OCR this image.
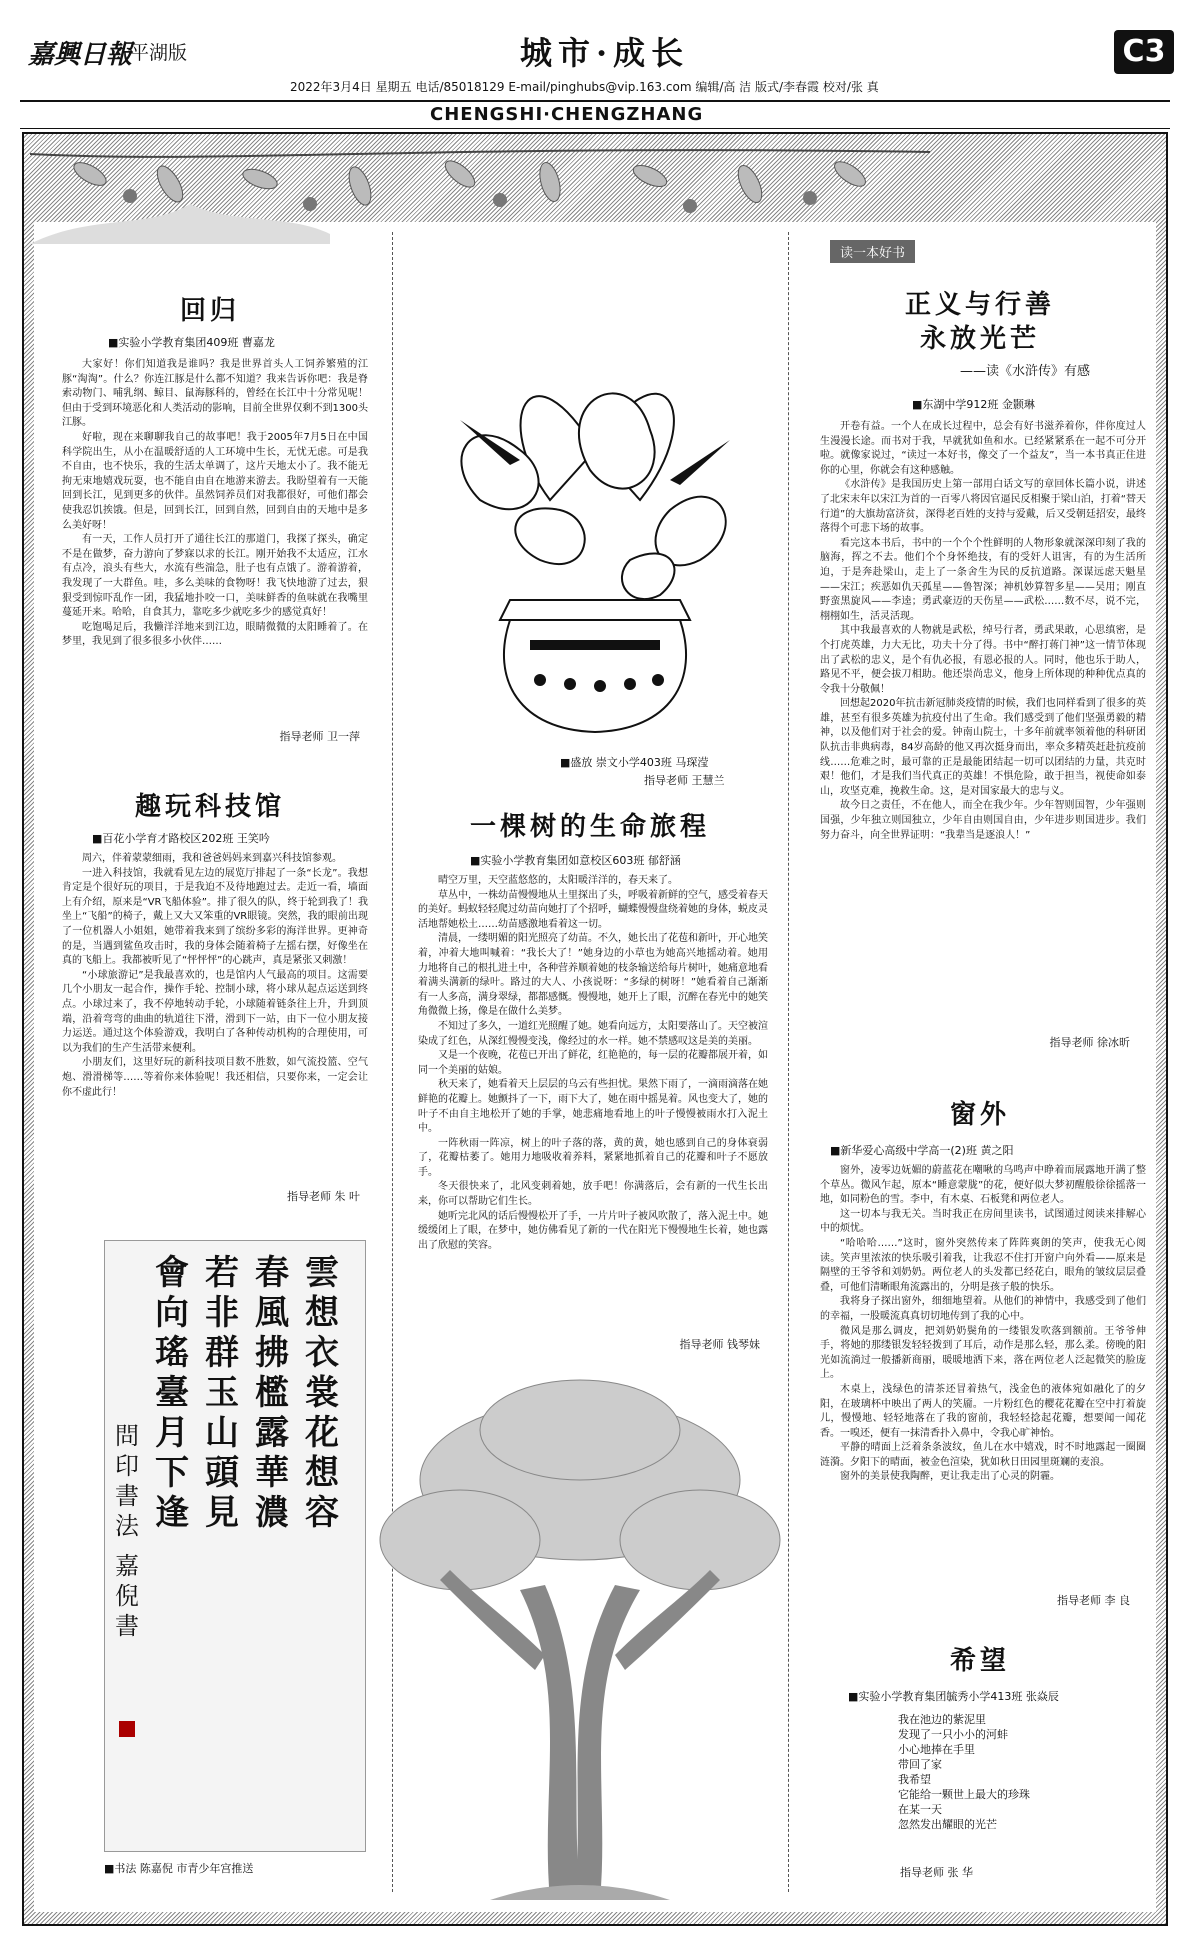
嘉興日報
平湖版	城市·成长	C3
2022年3月4日 星期五 电话/85018129 E-mail/pinghubs@vip.163.com 编辑/高 洁 版式/李春霞 校对/张 真
CHENGSHI·CHENGZHANG
回归
■实验小学教育集团409班 曹嘉龙

大家好！你们知道我是谁吗？我是世界首头人工饲养繁殖的江豚“淘淘”。什么？你连江豚是什么都不知道？我来告诉你吧：我是脊索动物门、哺乳纲、鲸目、鼠海豚科的，曾经在长江中十分常见呢！但由于受到环境恶化和人类活动的影响，目前全世界仅剩不到1300头江豚。

好啦，现在来聊聊我自己的故事吧！我于2005年7月5日在中国科学院出生，从小在温暖舒适的人工环境中生长，无忧无虑。可是我不自由，也不快乐，我的生活太单调了，这片天地太小了。我不能无拘无束地嬉戏玩耍，也不能自由自在地游来游去。我盼望着有一天能回到长江，见到更多的伙伴。虽然饲养员们对我都很好，可他们都会使我忍饥挨饿。但是，回到长江，回到自然，回到自由的天地中是多么美好呀！

有一天，工作人员打开了通往长江的那道门，我探了探头，确定不是在做梦，奋力游向了梦寐以求的长江。刚开始我不太适应，江水有点冷，浪头有些大，水流有些湍急，肚子也有点饿了。游着游着，我发现了一大群鱼。哇，多么美味的食物呀！我飞快地游了过去，狠狠受到惊吓乱作一团，我猛地扑咬一口，美味鲜香的鱼味就在我嘴里蔓延开来。哈哈，自食其力，靠吃多少就吃多少的感觉真好！

吃饱喝足后，我懒洋洋地来到江边，眼睛微微的太阳睡着了。在梦里，我见到了很多很多小伙伴……

指导老师 卫一萍
趣玩科技馆
■百花小学育才路校区202班 王笑吟

周六，伴着蒙蒙细雨，我和爸爸妈妈来到嘉兴科技馆参观。

一进入科技馆，我就看见左边的展览厅排起了一条“长龙”。我想肯定是个很好玩的项目，于是我迫不及待地跑过去。走近一看，墙面上有介绍，原来是“VR飞船体验”。排了很久的队，终于轮到我了！我坐上“飞船”的椅子，戴上又大又笨重的VR眼镜。突然，我的眼前出现了一位机器人小姐姐，她带着我来到了缤纷多彩的海洋世界。更神奇的是，当遇到鲨鱼攻击时，我的身体会随着椅子左摇右摆，好像坐在真的飞船上。我都被听见了“怦怦怦”的心跳声，真是紧张又刺激！

“小球旅游记”是我最喜欢的，也是馆内人气最高的项目。这需要几个小朋友一起合作，操作手轮、控制小球，将小球从起点运送到终点。小球过来了，我不停地转动手轮，小球随着链条往上升，升到顶端，沿着弯弯的曲曲的轨道往下滑，滑到下一站，由下一位小朋友接力运送。通过这个体验游戏，我明白了各种传动机构的合理使用，可以为我们的生产生活带来便利。

小朋友们，这里好玩的新科技项目数不胜数，如气流投篮、空气炮、滑滑梯等……等着你来体验呢！我还相信，只要你来，一定会让你不虚此行！

指导老师 朱 叶
雲想衣裳花想容
春風拂檻露華濃
若非群玉山頭見
會向瑤臺月下逢
問印書法
嘉倪書
■书法 陈嘉倪 市青少年宫推送
■盛放 崇文小学403班 马琛滢
指导老师 王慧兰
一棵树的生命旅程
■实验小学教育集团如意校区603班 郁舒涵

晴空万里，天空蓝悠悠的，太阳暖洋洋的，春天来了。

草丛中，一株幼苗慢慢地从土里探出了头，呼吸着新鲜的空气，感受着春天的美好。蚂蚁轻轻爬过幼苗向她打了个招呼，蝴蝶慢慢盘绕着她的身体，蜕皮灵活地帮她松土……幼苗感激地看着这一切。

清晨，一缕明媚的阳光照亮了幼苗。不久，她长出了花苞和新叶，开心地笑着，冲着大地叫喊着：“我长大了！”她身边的小草也为她高兴地摇动着。她用力地将自己的根扎进土中，各种营养顺着她的枝条输送给每片树叶，她痛意地看着满头满新的绿叶。路过的大人、小孩说呀：“多绿的树呀！”她看着自己渐渐有一人多高，满身翠绿，都都感慨。慢慢地，她开上了眼，沉醉在春光中的她笑角微微上扬，像是在做什么美梦。

不知过了多久，一道红光照醒了她。她看向远方，太阳要落山了。天空被渲染成了红色，从深红慢慢变浅，像经过的水一样。她不禁感叹这是美的美丽。

又是一个夜晚，花苞已开出了鲜花，红艳艳的，每一层的花瓣都展开着，如同一个美丽的姑娘。

秋天来了，她看着天上层层的乌云有些担忧。果然下雨了，一滴雨滴落在她鲜艳的花瓣上。她颤抖了一下，雨下大了，她在雨中摇晃着。风也变大了，她的叶子不由自主地松开了她的手掌，她悲痛地看地上的叶子慢慢被雨水打入泥土中。

一阵秋雨一阵凉，树上的叶子落的落，黄的黄，她也感到自己的身体衰弱了，花瓣枯萎了。她用力地吸收着养料，紧紧地抓着自己的花瓣和叶子不愿放手。

冬天很快来了，北风变刺着她，放手吧！你满落后，会有新的一代生长出来，你可以帮助它们生长。

她听完北风的话后慢慢松开了手，一片片叶子被风吹散了，落入泥土中。她缓缓闭上了眼，在梦中，她仿佛看见了新的一代在阳光下慢慢地生长着，她也露出了欣慰的笑容。

指导老师 钱琴妹
读一本好书
正义与行善
永放光芒
——读《水浒传》有感
■东湖中学912班 金颢琳

开卷有益。一个人在成长过程中，总会有好书滋养着你，伴你度过人生漫漫长途。而书对于我，早就犹如鱼和水。已经紧紧系在一起不可分开啦。就像家说过，“读过一本好书，像交了一个益友”，当一本书真正住进你的心里，你就会有这种感触。

《水浒传》是我国历史上第一部用白话文写的章回体长篇小说，讲述了北宋末年以宋江为首的一百零八将因官逼民反相聚于梁山泊，打着“替天行道”的大旗劫富济贫，深得老百姓的支持与爱戴，后又受朝廷招安，最终落得个可悲下场的故事。

看完这本书后，书中的一个个个性鲜明的人物形象就深深印刻了我的脑海，挥之不去。他们个个身怀绝技，有的受奸人诅害，有的为生活所迫，于是奔赴梁山，走上了一条舍生为民的反抗道路。深谋远虑天魁星——宋江；疾恶如仇天孤星——鲁智深；神机妙算智多星——吴用；刚直野蛮黑旋风——李逵；勇武豪迈的天伤星——武松……数不尽，说不完，栩栩如生，活灵活现。

其中我最喜欢的人物就是武松，绰号行者，勇武果敢，心思缜密，是个打虎英雄，力大无比，功夫十分了得。书中“醉打蒋门神”这一情节体现出了武松的忠义，是个有仇必报，有恩必报的人。同时，他也乐于助人，路见不平，便会拔刀相助。他还崇尚忠义，他身上所体现的种种优点真的令我十分敬佩！

回想起2020年抗击新冠肺炎疫情的时候，我们也同样看到了很多的英雄，甚至有很多英雄为抗疫付出了生命。我们感受到了他们坚强勇毅的精神，以及他们对于社会的爱。钟南山院士，十多年前就率领着他的科研团队抗击非典病毒，84岁高龄的他又再次挺身而出，率众多精英赶赴抗疫前线……危难之时，最可靠的正是最能团结起一切可以团结的力量，共克时艰！他们，才是我们当代真正的英雄！不惧危险，敢于担当，视使命如泰山，攻坚克难，挽救生命。这，是对国家最大的忠与义。

故今日之责任，不在他人，而全在我少年。少年智则国智，少年强则国强，少年独立则国独立，少年自由则国自由，少年进步则国进步。我们努力奋斗，向全世界证明：“我辈当是逐浪人！”

指导老师 徐冰昕
窗外
■新华爱心高级中学高一(2)班 黄之阳

窗外，凌零边妩媚的蔚蓝花在嘲啾的乌鸣声中睁着而展露地开满了整个草丛。微风乍起，原本“睡意蒙胧”的花，便好似大梦初醒般徐徐摇落一地，如同粉色的雪。李中，有木桌、石板凳和两位老人。

这一切本与我无关。当时我正在房间里读书，试图通过阅读来排解心中的烦忧。

“哈哈哈……”这时，窗外突然传来了阵阵爽朗的笑声，使我无心阅读。笑声里浓浓的快乐吸引着我，让我忍不住打开窗户向外看——原来是隔壁的王爷爷和刘奶奶。两位老人的头发都已经花白，眼角的皱纹层层叠叠，可他们清晰眼角流露出的，分明是孩子般的快乐。

我将身子探出窗外，细细地望着。从他们的神情中，我感受到了他们的幸福，一股暖流真真切切地传到了我的心中。

微风是那么调皮，把刘奶奶鬓角的一缕银发吹落到额前。王爷爷伸手，将她的那缕银发轻轻拨到了耳后，动作是那么轻，那么柔。傍晚的阳光如流淌过一般播新商丽，暖暖地洒下来，落在两位老人泛起微笑的脸庞上。

木桌上，浅绿色的清茶还冒着热气，浅金色的液体宛如融化了的夕阳，在玻璃杯中映出了两人的笑靥。一片粉红色的樱花花瓣在空中打着旋儿，慢慢地、轻轻地落在了我的窗前，我轻轻捻起花瓣，想要闻一闻花香。一嗅还，便有一抹清香扑入鼻中，令我心旷神怡。

平静的晴面上泛着条条波纹，鱼儿在水中嬉戏，时不时地露起一圈圈涟漪。夕阳下的晴面，被金色渲染，犹如秋日田园里斑斓的麦浪。

窗外的美景使我陶醉，更让我走出了心灵的阴霾。

指导老师 李 良
希望
■实验小学教育集团毓秀小学413班 张焱辰
我在池边的紫泥里
发现了一只小小的河蚌
小心地捧在手里
带回了家
我希望
它能给一颗世上最大的珍珠
在某一天
忽然发出耀眼的光芒
指导老师 张 华
